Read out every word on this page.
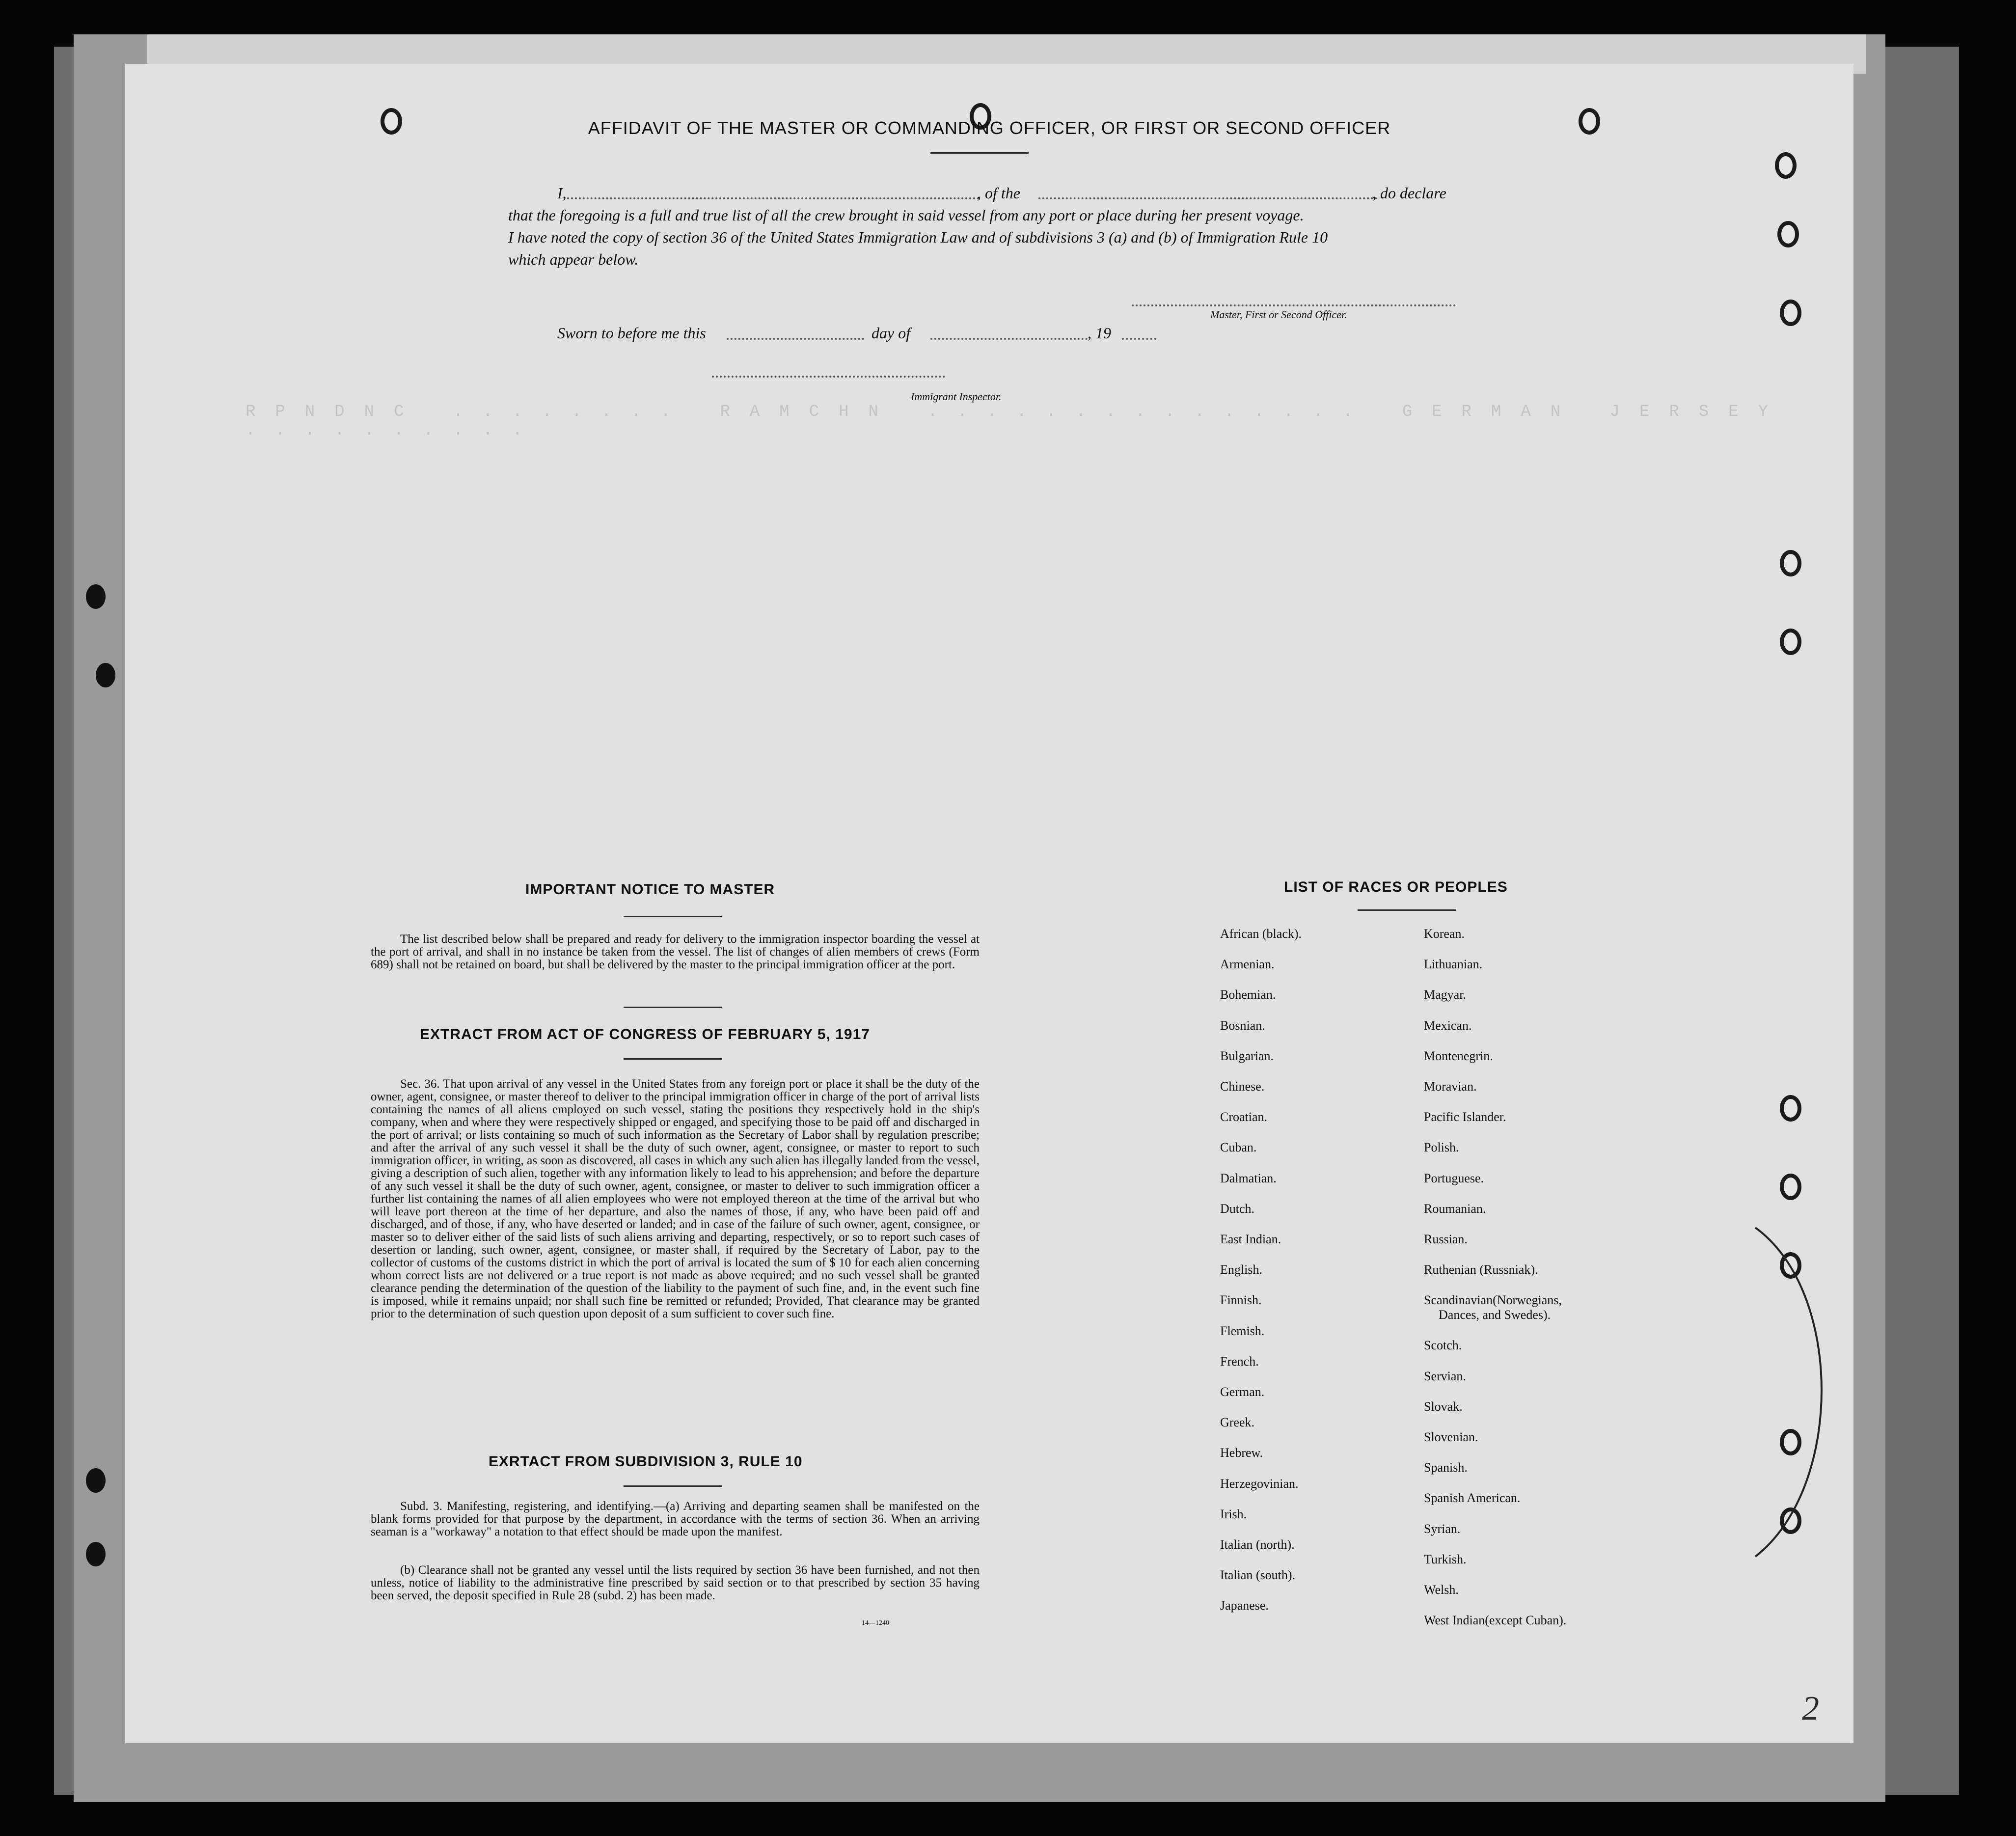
RPNDNC ........ RAMCHN ............... GERMAN JERSEY ..........
AFFIDAVIT OF THE MASTER OR COMMANDING OFFICER, OR FIRST OR SECOND OFFICER
I,	, of the	, do declare
that the foregoing is a full and true list of all the crew brought in said vessel from any port or place during her present voyage.
I have noted the copy of section 36 of the United States Immigration Law and of subdivisions 3 (a) and (b) of Immigration Rule 10
which appear below.
Master, First or Second Officer.
Sworn to before me this	day of	, 19
Immigrant Inspector.
IMPORTANT NOTICE TO MASTER
The list described below shall be prepared and ready for delivery to the immigration inspector boarding the vessel at the port of arrival, and shall in no instance be taken from the vessel. The list of changes of alien members of crews (Form 689) shall not be retained on board, but shall be delivered by the master to the principal immigration officer at the port.
EXTRACT FROM ACT OF CONGRESS OF FEBRUARY 5, 1917
Sec. 36. That upon arrival of any vessel in the United States from any foreign port or place it shall be the duty of the owner, agent, consignee, or master thereof to deliver to the principal immigration officer in charge of the port of arrival lists containing the names of all aliens employed on such vessel, stating the positions they respectively hold in the ship's company, when and where they were respectively shipped or engaged, and specifying those to be paid off and discharged in the port of arrival; or lists containing so much of such information as the Secretary of Labor shall by regulation prescribe; and after the arrival of any such vessel it shall be the duty of such owner, agent, consignee, or master to report to such immigration officer, in writing, as soon as discovered, all cases in which any such alien has illegally landed from the vessel, giving a description of such alien, together with any information likely to lead to his apprehension; and before the departure of any such vessel it shall be the duty of such owner, agent, consignee, or master to deliver to such immigration officer a further list containing the names of all alien employees who were not employed thereon at the time of the arrival but who will leave port thereon at the time of her departure, and also the names of those, if any, who have been paid off and discharged, and of those, if any, who have deserted or landed; and in case of the failure of such owner, agent, consignee, or master so to deliver either of the said lists of such aliens arriving and departing, respectively, or so to report such cases of desertion or landing, such owner, agent, consignee, or master shall, if required by the Secretary of Labor, pay to the collector of customs of the customs district in which the port of arrival is located the sum of $ 10 for each alien concerning whom correct lists are not delivered or a true report is not made as above required; and no such vessel shall be granted clearance pending the determination of the question of the liability to the payment of such fine, and, in the event such fine is imposed, while it remains unpaid; nor shall such fine be remitted or refunded; Provided, That clearance may be granted prior to the determination of such question upon deposit of a sum sufficient to cover such fine.
EXRTACT FROM SUBDIVISION 3, RULE 10
Subd. 3. Manifesting, registering, and identifying.—(a) Arriving and departing seamen shall be manifested on the blank forms provided for that purpose by the department, in accordance with the terms of section 36. When an arriving seaman is a "workaway" a notation to that effect should be made upon the manifest.
(b) Clearance shall not be granted any vessel until the lists required by section 36 have been furnished, and not then unless, notice of liability to the administrative fine prescribed by said section or to that prescribed by section 35 having been served, the deposit specified in Rule 28 (subd. 2) has been made.
14—1240
LIST OF RACES OR PEOPLES
African (black).
Armenian.
Bohemian.
Bosnian.
Bulgarian.
Chinese.
Croatian.
Cuban.
Dalmatian.
Dutch.
East Indian.
English.
Finnish.
Flemish.
French.
German.
Greek.
Hebrew.
Herzegovinian.
Irish.
Italian (north).
Italian (south).
Japanese.
Korean.
Lithuanian.
Magyar.
Mexican.
Montenegrin.
Moravian.
Pacific Islander.
Polish.
Portuguese.
Roumanian.
Russian.
Ruthenian (Russniak).
Scandinavian(Norwegians,
Dances, and Swedes).
Scotch.
Servian.
Slovak.
Slovenian.
Spanish.
Spanish American.
Syrian.
Turkish.
Welsh.
West Indian(except Cuban).
2
